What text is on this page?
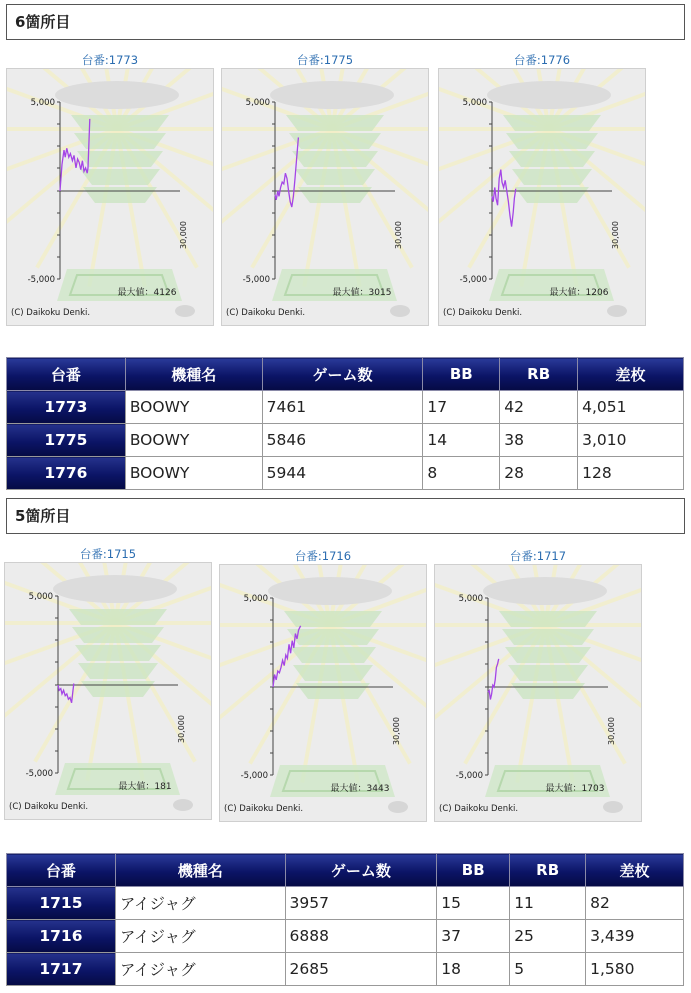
6箇所目
台番:1773
5,000
-5,000
30,000
最大値：4126
(C) Daikoku Denki.
台番:1775
5,000
-5,000
30,000
最大値：3015
(C) Daikoku Denki.
台番:1776
5,000
-5,000
30,000
最大値：1206
(C) Daikoku Denki.
台番	機種名	ゲーム数	BB	RB	差枚
1773	BOOWY	7461	17	42	4,051
1775	BOOWY	5846	14	38	3,010
1776	BOOWY	5944	8	28	128
5箇所目
台番:1715
5,000
-5,000
30,000
最大値：181
(C) Daikoku Denki.
台番:1716
5,000
-5,000
30,000
最大値：3443
(C) Daikoku Denki.
台番:1717
5,000
-5,000
30,000
最大値：1703
(C) Daikoku Denki.
台番	機種名	ゲーム数	BB	RB	差枚
1715	アイジャグ	3957	15	11	82
1716	アイジャグ	6888	37	25	3,439
1717	アイジャグ	2685	18	5	1,580
